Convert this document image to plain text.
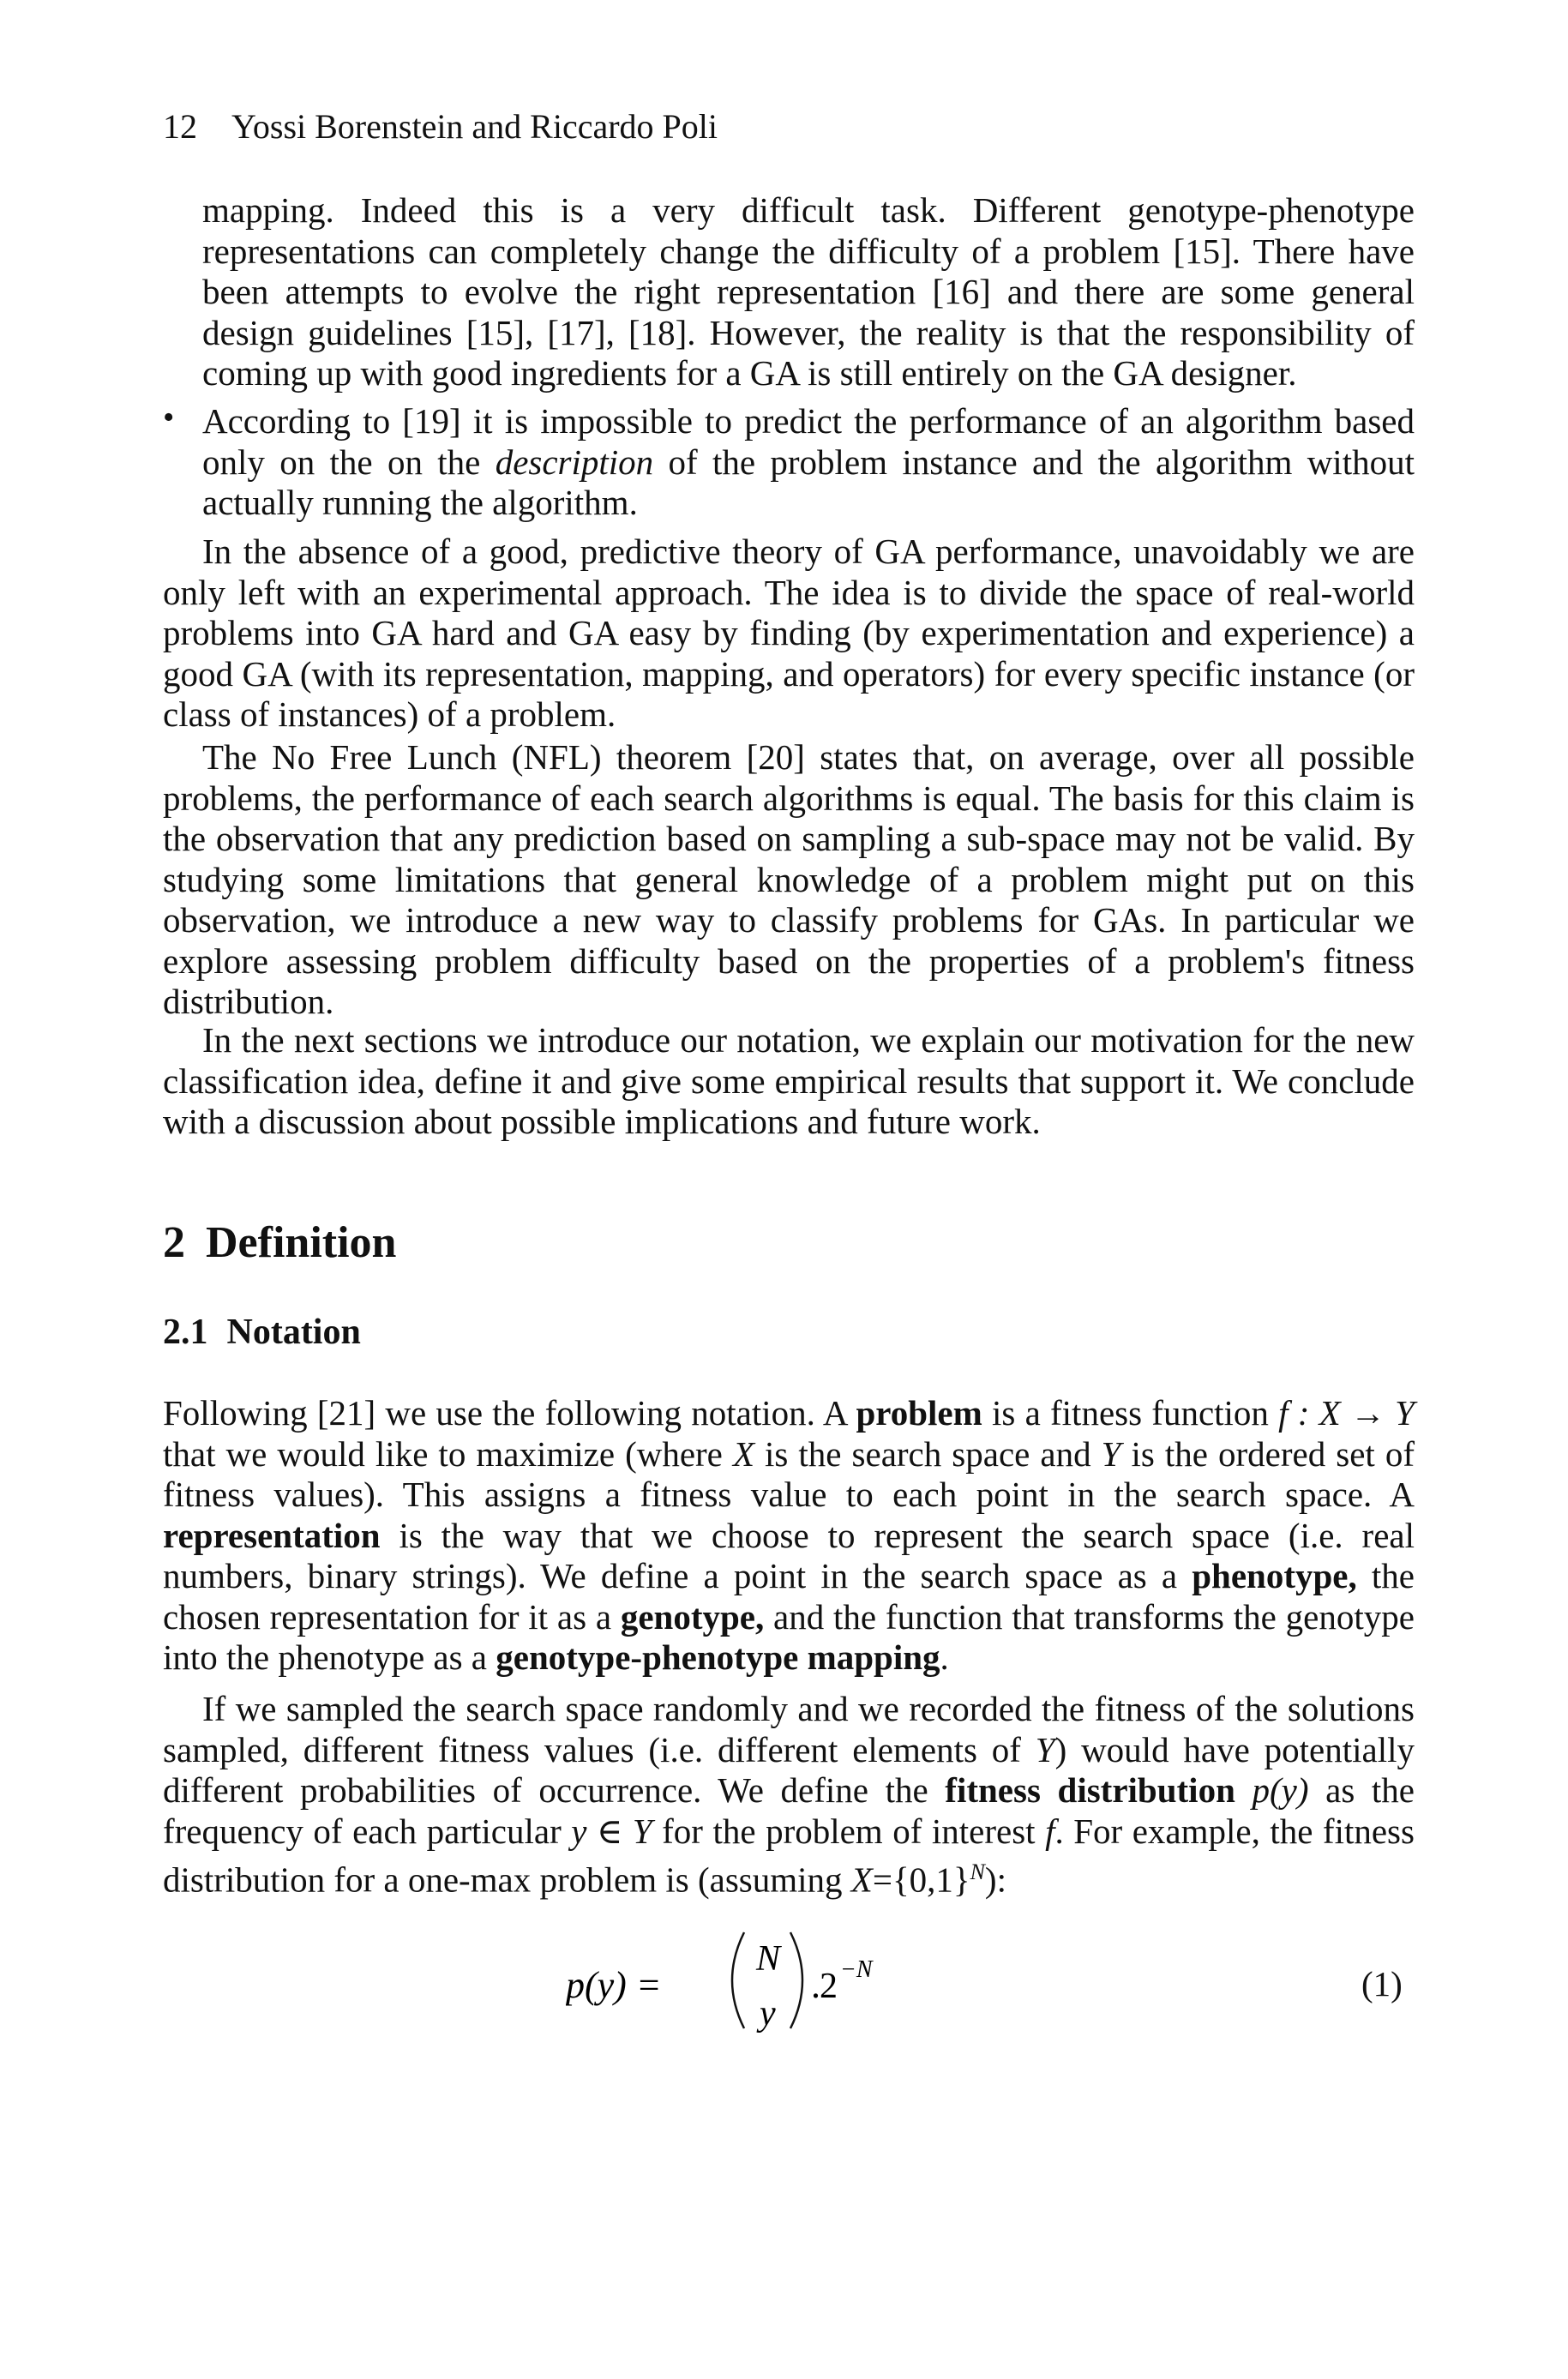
12 Yossi Borenstein and Riccardo Poli
mapping. Indeed this is a very difficult task. Different genotype-phenotype representations can completely change the difficulty of a problem [15]. There have been attempts to evolve the right representation [16] and there are some general design guidelines [15], [17], [18]. However, the reality is that the responsibility of coming up with good ingredients for a GA is still entirely on the GA designer.
• According to [19] it is impossible to predict the performance of an algorithm based only on the on the description of the problem instance and the algorithm without actually running the algorithm.
In the absence of a good, predictive theory of GA performance, unavoidably we are only left with an experimental approach. The idea is to divide the space of real-world problems into GA hard and GA easy by finding (by experimentation and experience) a good GA (with its representation, mapping, and operators) for every specific instance (or class of instances) of a problem.
The No Free Lunch (NFL) theorem [20] states that, on average, over all possible problems, the performance of each search algorithms is equal. The basis for this claim is the observation that any prediction based on sampling a sub-space may not be valid. By studying some limitations that general knowledge of a problem might put on this observation, we introduce a new way to classify problems for GAs. In particular we explore assessing problem difficulty based on the properties of a problem's fitness distribution.
In the next sections we introduce our notation, we explain our motivation for the new classification idea, define it and give some empirical results that support it. We conclude with a discussion about possible implications and future work.
2 Definition
2.1 Notation
Following [21] we use the following notation. A problem is a fitness function f : X → Y that we would like to maximize (where X is the search space and Y is the ordered set of fitness values). This assigns a fitness value to each point in the search space. A representation is the way that we choose to represent the search space (i.e. real numbers, binary strings). We define a point in the search space as a phenotype, the chosen representation for it as a genotype, and the function that transforms the genotype into the phenotype as a genotype-phenotype mapping.
If we sampled the search space randomly and we recorded the fitness of the solutions sampled, different fitness values (i.e. different elements of Y) would have potentially different probabilities of occurrence. We define the fitness distribution p(y) as the frequency of each particular y ∈ Y for the problem of interest f. For example, the fitness distribution for a one-max problem is (assuming $X=\{0,1\}^N$):
p(y) =
N
y
. 2 −N	(1)
